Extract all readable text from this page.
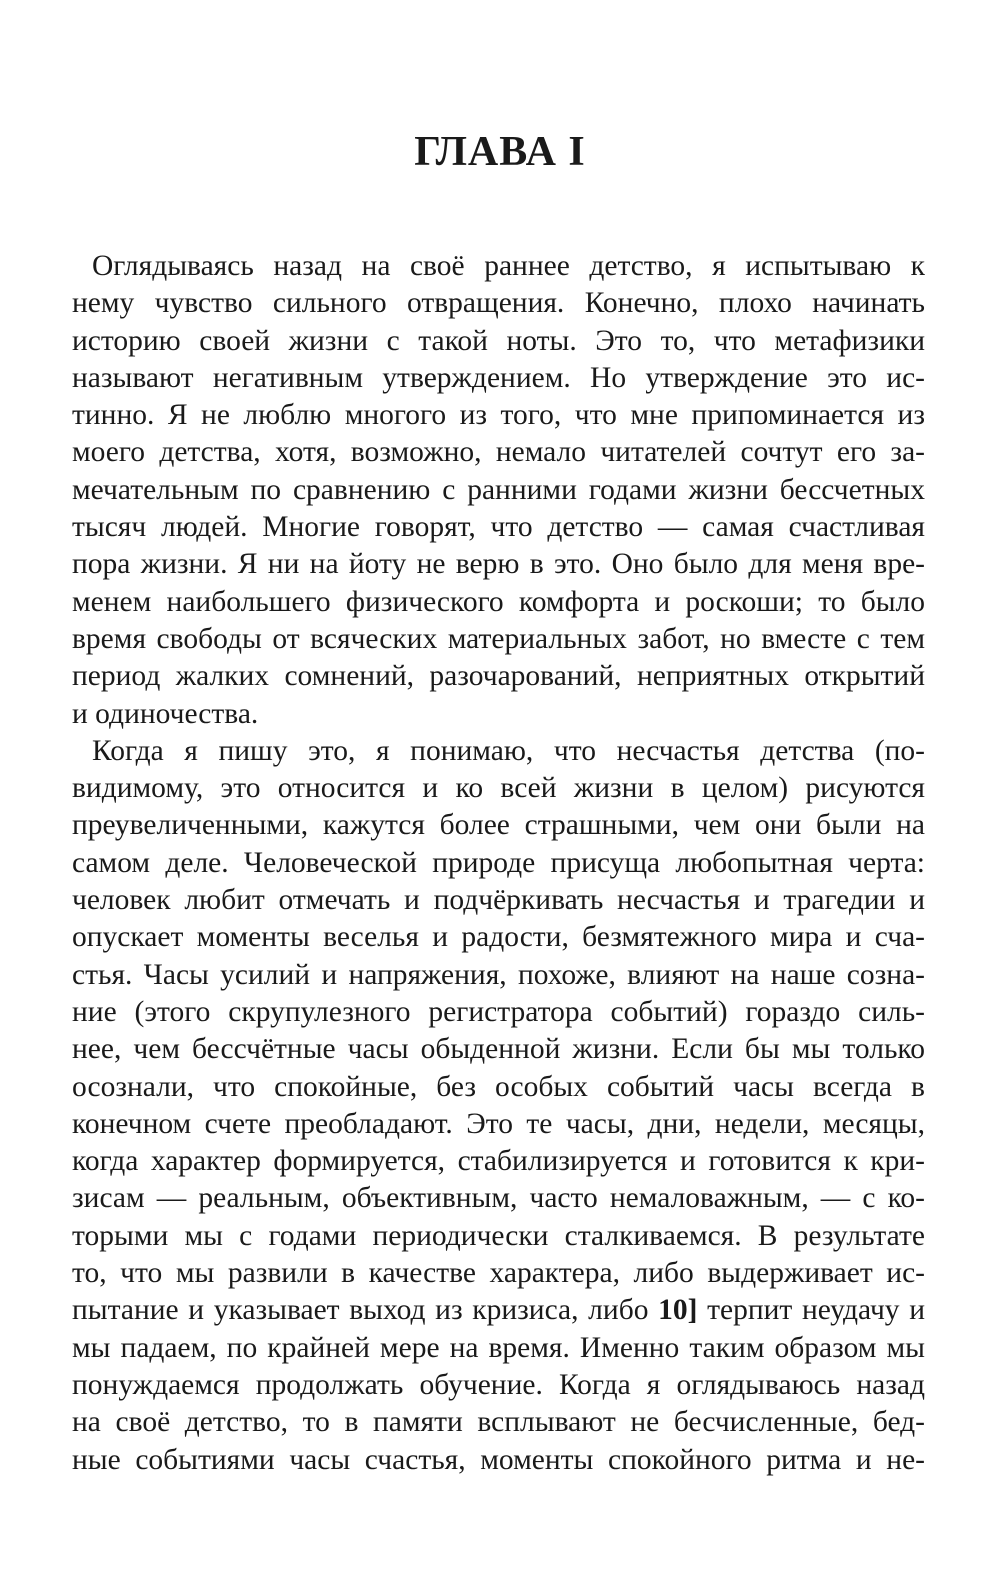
ГЛАВА I
Оглядываясь назад на своё раннее детство, я испытываю к
нему чувство сильного отвращения. Конечно, плохо начинать
историю своей жизни с такой ноты. Это то, что метафизики
называют негативным утверждением. Но утверждение это ис-
тинно. Я не люблю многого из того, что мне припоминается из
моего детства, хотя, возможно, немало читателей сочтут его за-
мечательным по сравнению с ранними годами жизни бессчетных
тысяч людей. Многие говорят, что детство — самая счастливая
пора жизни. Я ни на йоту не верю в это. Оно было для меня вре-
менем наибольшего физического комфорта и роскоши; то было
время свободы от всяческих материальных забот, но вместе с тем
период жалких сомнений, разочарований, неприятных открытий
и одиночества.
Когда я пишу это, я понимаю, что несчастья детства (по-
видимому, это относится и ко всей жизни в целом) рисуются
преувеличенными, кажутся более страшными, чем они были на
самом деле. Человеческой природе присуща любопытная черта:
человек любит отмечать и подчёркивать несчастья и трагедии и
опускает моменты веселья и радости, безмятежного мира и сча-
стья. Часы усилий и напряжения, похоже, влияют на наше созна-
ние (этого скрупулезного регистратора событий) гораздо силь-
нее, чем бессчётные часы обыденной жизни. Если бы мы только
осознали, что спокойные, без особых событий часы всегда в
конечном счете преобладают. Это те часы, дни, недели, месяцы,
когда характер формируется, стабилизируется и готовится к кри-
зисам — реальным, объективным, часто немаловажным, — с ко-
торыми мы с годами периодически сталкиваемся. В результате
то, что мы развили в качестве характера, либо выдерживает ис-
пытание и указывает выход из кризиса, либо 10] терпит неудачу и
мы падаем, по крайней мере на время. Именно таким образом мы
понуждаемся продолжать обучение. Когда я оглядываюсь назад
на своё детство, то в памяти всплывают не бесчисленные, бед-
ные событиями часы счастья, моменты спокойного ритма и не-
